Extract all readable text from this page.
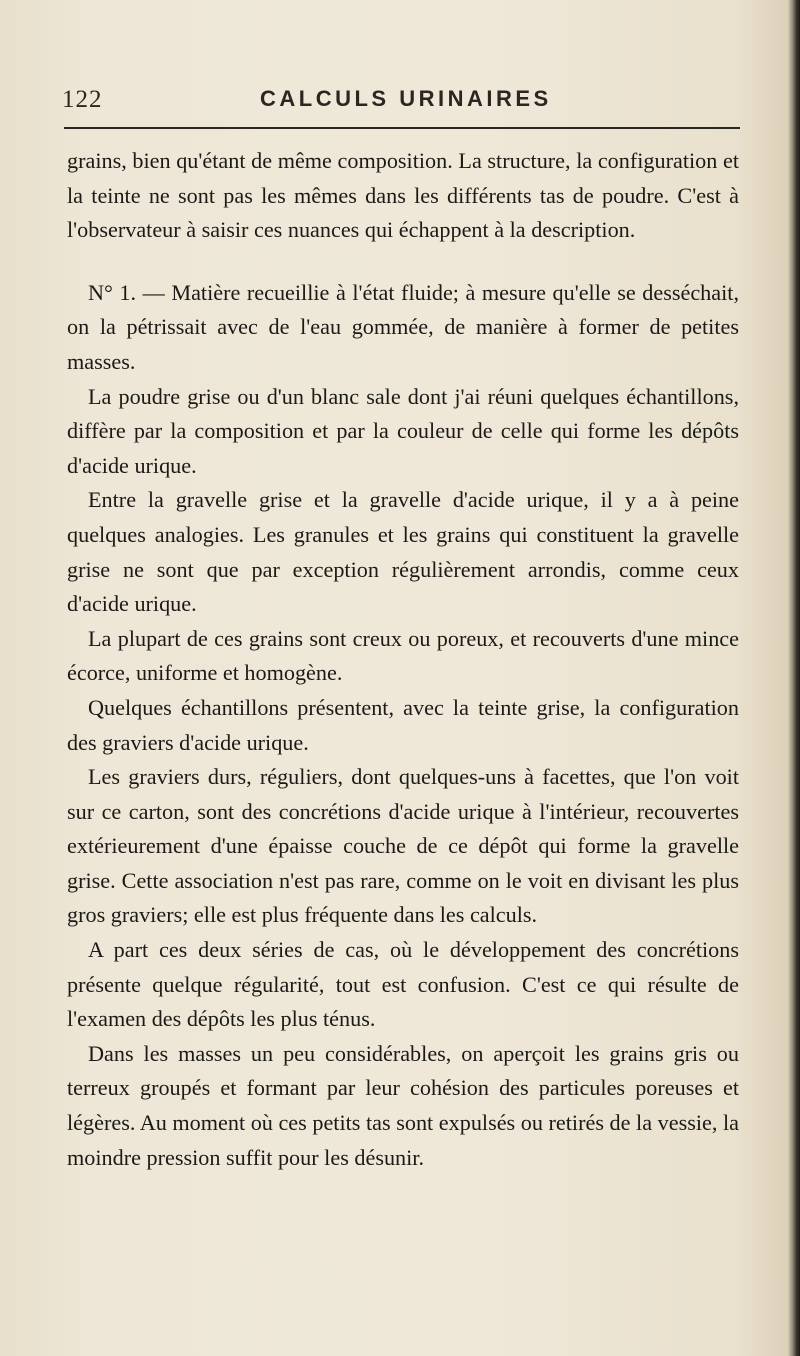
122	CALCULS URINAIRES

grains, bien qu'étant de même composition. La structure, la configuration et la teinte ne sont pas les mêmes dans les différents tas de poudre. C'est à l'observateur à saisir ces nuances qui échappent à la description.

N° 1. — Matière recueillie à l'état fluide; à mesure qu'elle se desséchait, on la pétrissait avec de l'eau gommée, de manière à former de petites masses.

La poudre grise ou d'un blanc sale dont j'ai réuni quelques échantillons, diffère par la composition et par la couleur de celle qui forme les dépôts d'acide urique.

Entre la gravelle grise et la gravelle d'acide urique, il y a à peine quelques analogies. Les granules et les grains qui constituent la gravelle grise ne sont que par exception régulièrement arrondis, comme ceux d'acide urique.

La plupart de ces grains sont creux ou poreux, et recouverts d'une mince écorce, uniforme et homogène.

Quelques échantillons présentent, avec la teinte grise, la configuration des graviers d'acide urique.

Les graviers durs, réguliers, dont quelques-uns à facettes, que l'on voit sur ce carton, sont des concrétions d'acide urique à l'intérieur, recouvertes extérieurement d'une épaisse couche de ce dépôt qui forme la gravelle grise. Cette association n'est pas rare, comme on le voit en divisant les plus gros graviers; elle est plus fréquente dans les calculs.

A part ces deux séries de cas, où le développement des concrétions présente quelque régularité, tout est confusion. C'est ce qui résulte de l'examen des dépôts les plus ténus.

Dans les masses un peu considérables, on aperçoit les grains gris ou terreux groupés et formant par leur cohésion des particules poreuses et légères. Au moment où ces petits tas sont expulsés ou retirés de la vessie, la moindre pression suffit pour les désunir.
